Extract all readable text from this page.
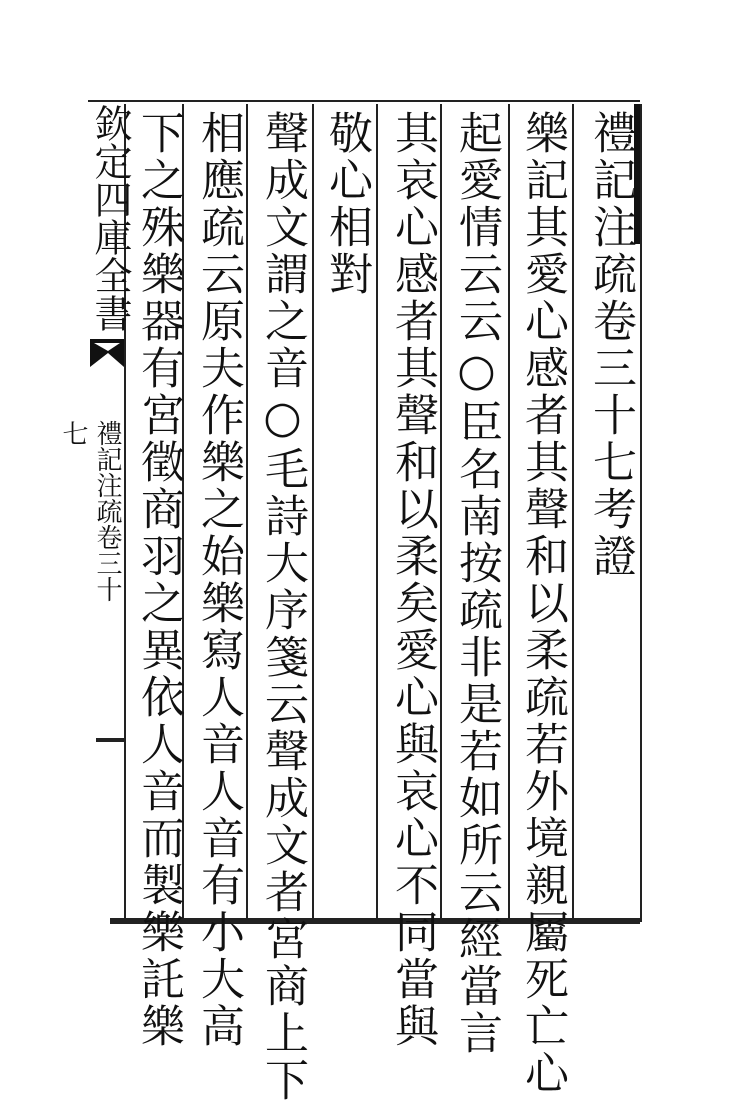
欽定四庫全書
禮記注疏卷三十七	禮記注疏卷三十七考證
樂記其愛心感者其聲和以柔疏若外境親屬死亡心
起愛情云云○臣名南按疏非是若如所云經當言
其哀心感者其聲和以柔矣愛心與哀心不同當與
敬心相對
聲成文謂之音○毛詩大序箋云聲成文者宮商上下
相應疏云原夫作樂之始樂寫人音人音有小大高
下之殊樂器有宮徵商羽之異依人音而製樂託樂
